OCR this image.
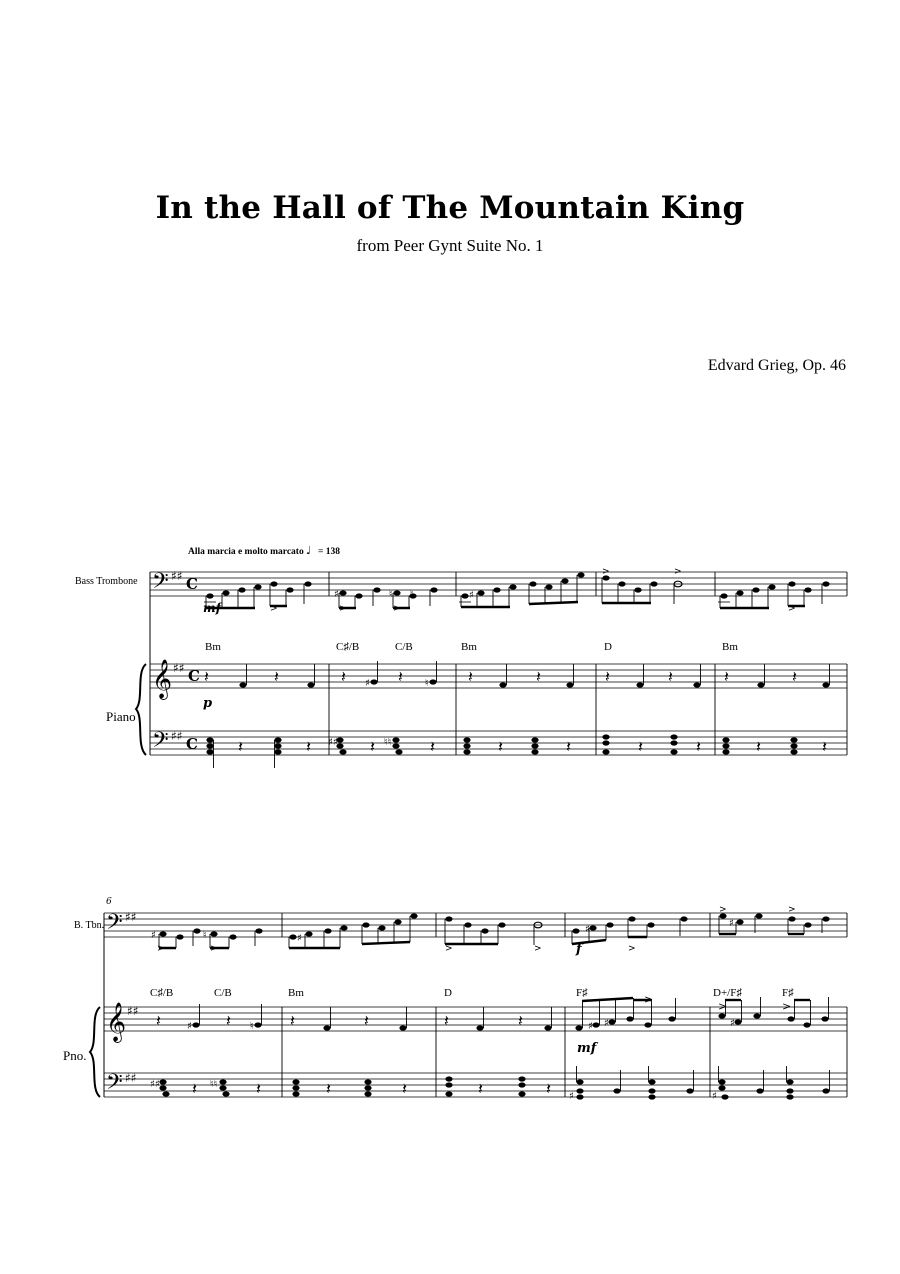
In the Hall of The Mountain King
from Peer Gynt Suite No. 1
Edvard Grieg, Op. 46
Alla marcia e molto marcato ♩ = 138
Bass Trombone
Piano
𝄢 ♯♯ C
𝄞 ♯♯ C
𝄢 ♯♯ C
♯	♮ ♮	♯
>	>	>
>	>
>
mf
Bm	C♯/B	C/B	Bm	D	Bm
𝄽	𝄽	𝄽	𝄽	𝄽	𝄽	𝄽	𝄽	𝄽	𝄽
♯	♮
p
𝄽	𝄽	𝄽	𝄽	𝄽	𝄽	𝄽	𝄽	𝄽	𝄽
♯♯	♮♮
6
B. Tbn.
Pno.
𝄢 ♯♯
𝄞 ♯♯
𝄢 ♯♯
♯	♮	♯
♯
♯
>	>	>	>	>
>	>
f
C♯/B	C/B	Bm	D	F♯	D+/F♯	F♯
𝄽	𝄽	𝄽	𝄽	𝄽	𝄽
♯	♮	♯ ♯	♯
>
>	>
mf
𝄽	𝄽	𝄽	𝄽	𝄽	𝄽
♯♯	♮♮
♯	♯
